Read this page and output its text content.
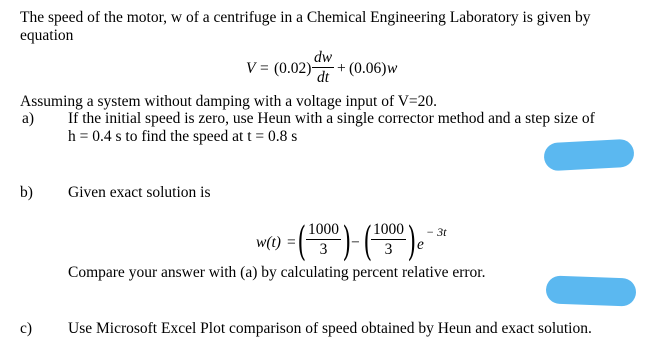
The speed of the motor, w of a centrifuge in a Chemical Engineering Laboratory is given by
equation
$V = (0.02) \frac{dw}{dt} + (0.06)$ w
Assuming a system without damping with a voltage input of V=20.
a) If the initial speed is zero, use Heun with a single corrector method and a step size of
h = 0.4 s to find the speed at t = 0.8 s
b) Given exact solution is
w(t) = ( $\frac{1000}{3}$ ) − (
$\frac{1000}{3}$ ) e
− 3t
Compare your answer with (a) by calculating percent relative error.
c) Use Microsoft Excel Plot comparison of speed obtained by Heun and exact solution.
